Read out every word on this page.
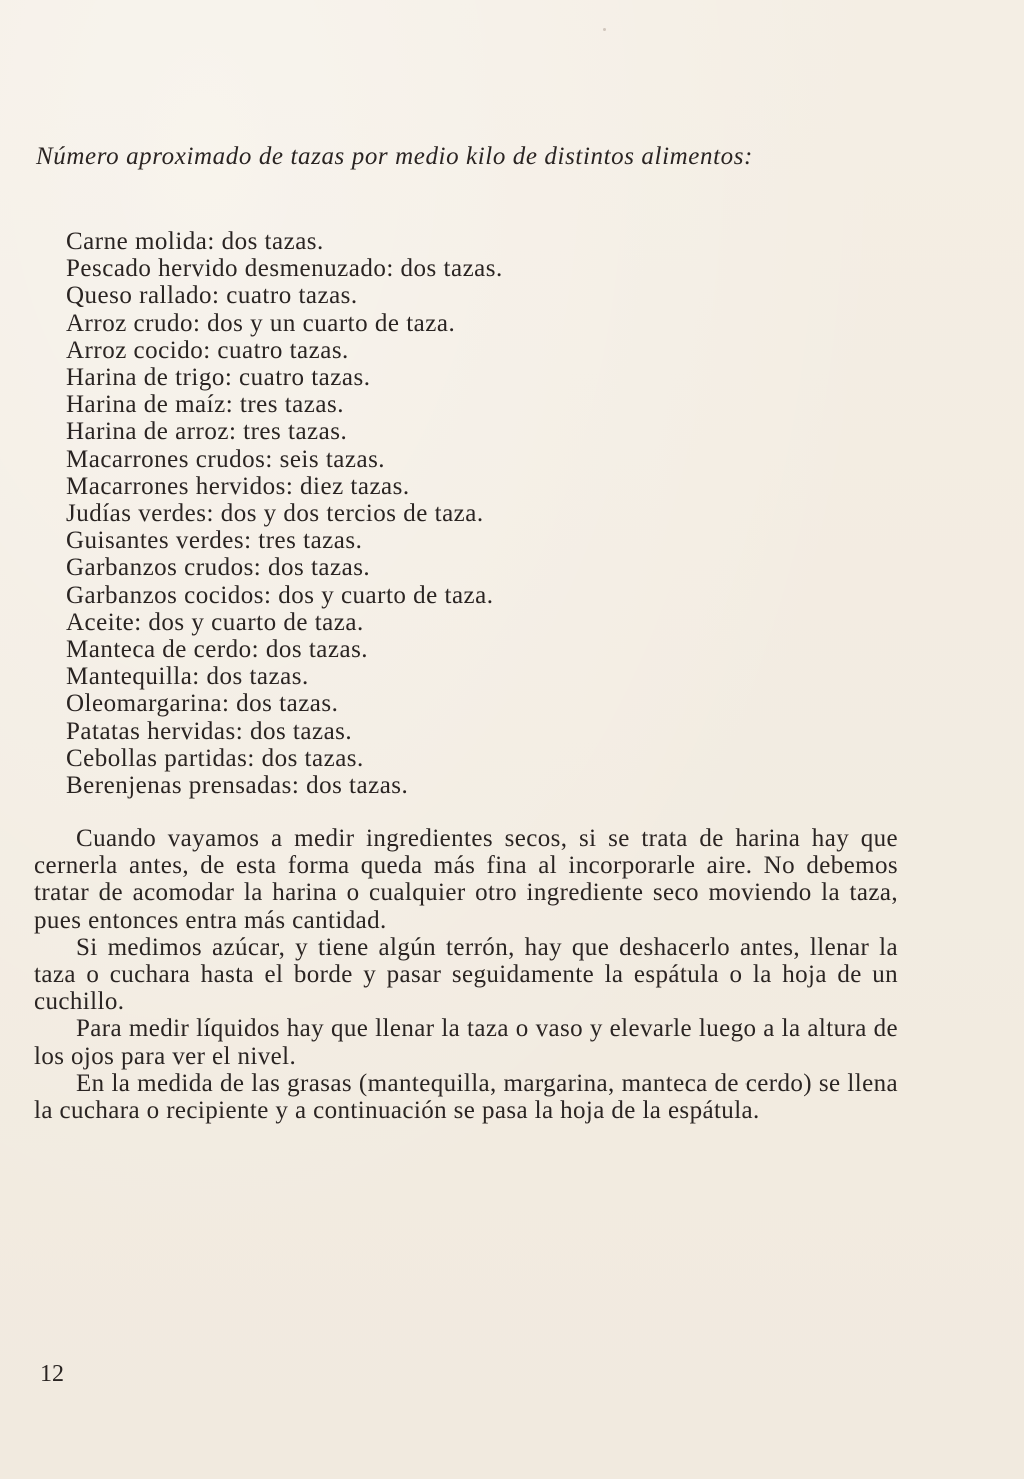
Número aproximado de tazas por medio kilo de distintos alimentos:
Carne molida: dos tazas.
Pescado hervido desmenuzado: dos tazas.
Queso rallado: cuatro tazas.
Arroz crudo: dos y un cuarto de taza.
Arroz cocido: cuatro tazas.
Harina de trigo: cuatro tazas.
Harina de maíz: tres tazas.
Harina de arroz: tres tazas.
Macarrones crudos: seis tazas.
Macarrones hervidos: diez tazas.
Judías verdes: dos y dos tercios de taza.
Guisantes verdes: tres tazas.
Garbanzos crudos: dos tazas.
Garbanzos cocidos: dos y cuarto de taza.
Aceite: dos y cuarto de taza.
Manteca de cerdo: dos tazas.
Mantequilla: dos tazas.
Oleomargarina: dos tazas.
Patatas hervidas: dos tazas.
Cebollas partidas: dos tazas.
Berenjenas prensadas: dos tazas.

Cuando vayamos a medir ingredientes secos, si se trata de harina hay que cernerla antes, de esta forma queda más fina al incorporarle aire. No debemos tratar de acomodar la harina o cualquier otro ingrediente seco moviendo la taza, pues entonces entra más cantidad.

Si medimos azúcar, y tiene algún terrón, hay que deshacerlo antes, llenar la taza o cuchara hasta el borde y pasar seguidamente la espátula o la hoja de un cuchillo.

Para medir líquidos hay que llenar la taza o vaso y elevarle luego a la altura de los ojos para ver el nivel.

En la medida de las grasas (mantequilla, margarina, manteca de cerdo) se llena la cuchara o recipiente y a continuación se pasa la hoja de la espátula.

12
